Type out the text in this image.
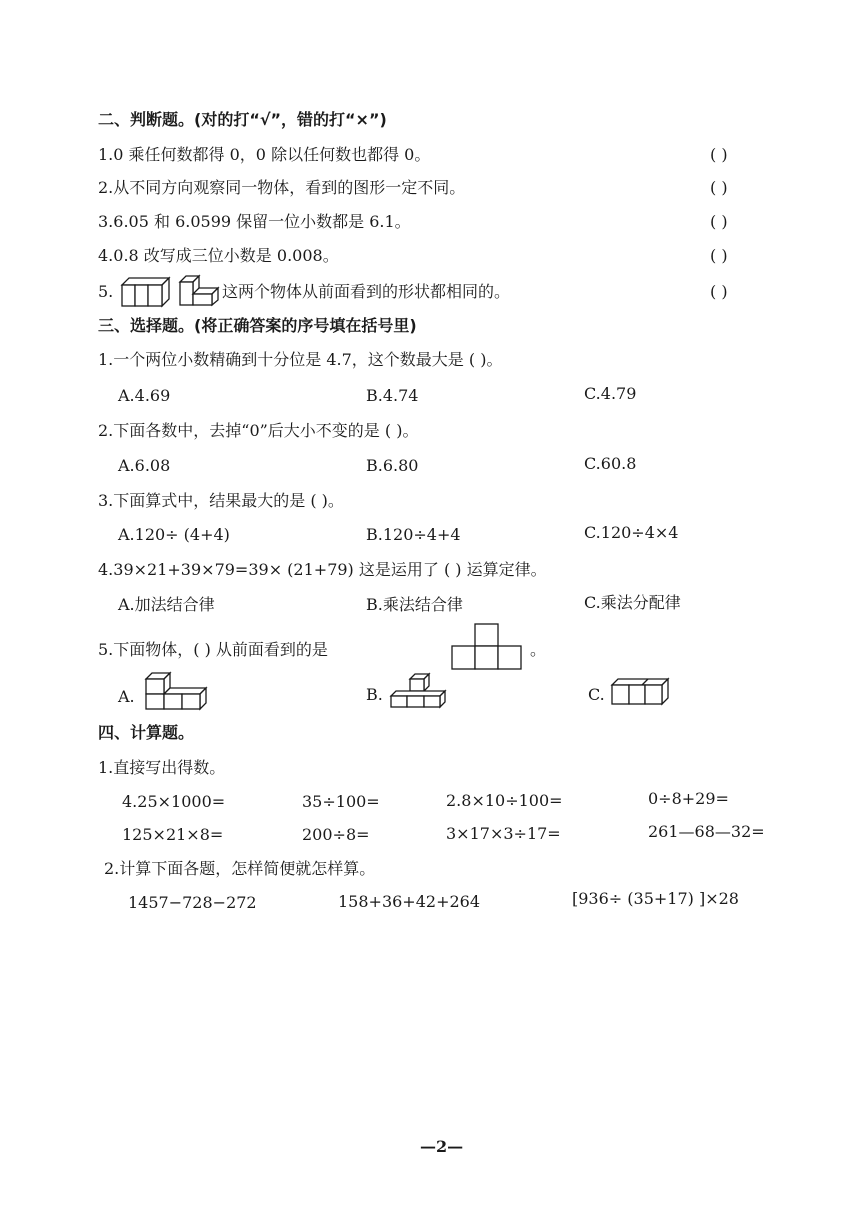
二、判断题。(对的打“√”，错的打“×”)
1.0 乘任何数都得 0，0 除以任何数也都得 0。	( )
2.从不同方向观察同一物体，看到的图形一定不同。	( )
3.6.05 和 6.0599 保留一位小数都是 6.1。	( )
4.0.8 改写成三位小数是 0.008。	( )
5.	这两个物体从前面看到的形状都相同的。	( )
三、选择题。(将正确答案的序号填在括号里)
1.一个两位小数精确到十分位是 4.7，这个数最大是 ( )。
A.4.69	B.4.74	C.4.79
2.下面各数中，去掉“0”后大小不变的是 ( )。
A.6.08	B.6.80	C.60.8
3.下面算式中，结果最大的是 ( )。
A.120÷ (4+4)	B.120÷4+4	C.120÷4×4
4.39×21+39×79=39× (21+79) 这是运用了 ( ) 运算定律。
A.加法结合律	B.乘法结合律	C.乘法分配律
5.下面物体，( ) 从前面看到的是	。
A.	B.	C.
四、计算题。
1.直接写出得数。
4.25×1000=	35÷100=	2.8×10÷100=	0÷8+29=
125×21×8=	200÷8=	3×17×3÷17=	261—68—32=
2.计算下面各题，怎样简便就怎样算。
1457−728−272	158+36+42+264	[936÷ (35+17) ]×28
—2—
